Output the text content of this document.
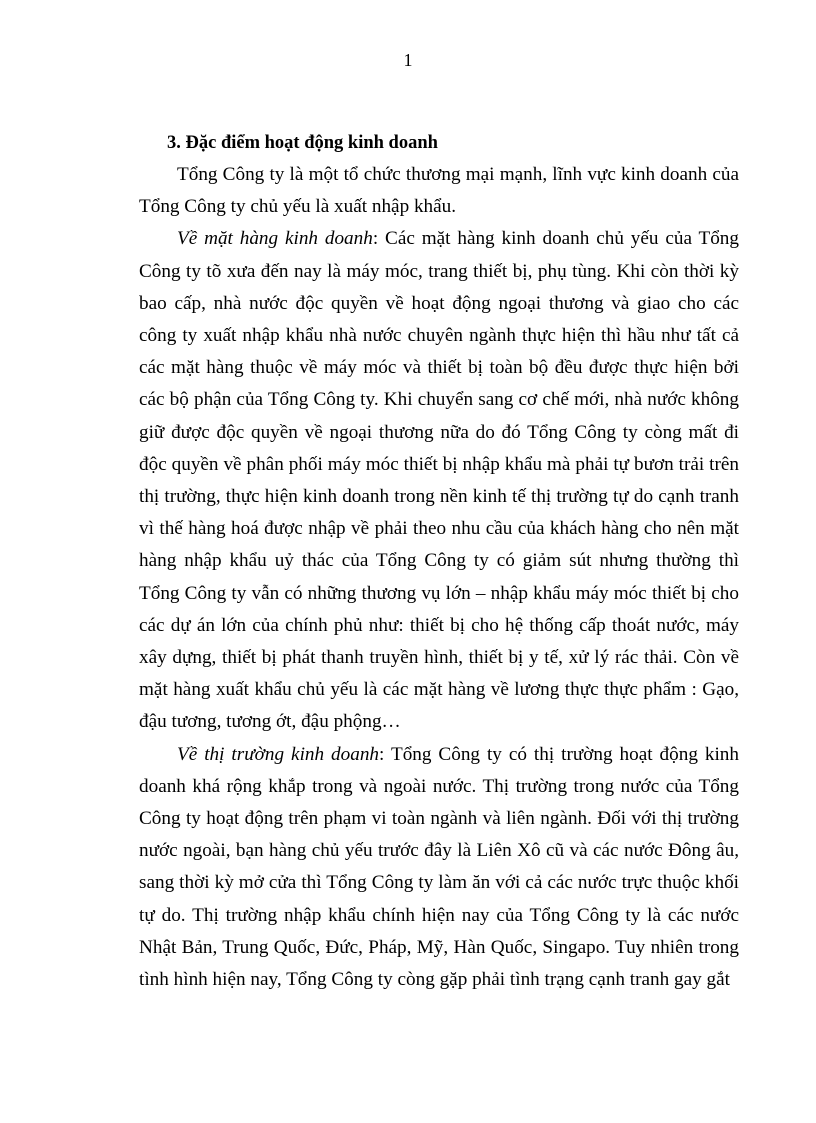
1

3. Đặc điểm hoạt động kinh doanh

Tổng Công ty là một tổ chức thương mại mạnh, lĩnh vực kinh doanh của Tổng Công ty chủ yếu là xuất nhập khẩu.

Về mặt hàng kinh doanh: Các mặt hàng kinh doanh chủ yếu của Tổng Công ty tõ xưa đến nay là máy móc, trang thiết bị, phụ tùng. Khi còn thời kỳ bao cấp, nhà nước độc quyền về hoạt động ngoại thương và giao cho các công ty xuất nhập khẩu nhà nước chuyên ngành thực hiện thì hầu như tất cả các mặt hàng thuộc về máy móc và thiết bị toàn bộ đều được thực hiện bởi các bộ phận của Tổng Công ty. Khi chuyển sang cơ chế mới, nhà nước không giữ được độc quyền về ngoại thương nữa do đó Tổng Công ty còng mất đi độc quyền về phân phối máy móc thiết bị nhập khẩu mà phải tự bươn trải trên thị trường, thực hiện kinh doanh trong nền kinh tế thị trường tự do cạnh tranh vì thế hàng hoá được nhập về phải theo nhu cầu của khách hàng cho nên mặt hàng nhập khẩu uỷ thác của Tổng Công ty có giảm sút nhưng thường thì Tổng Công ty vẫn có những thương vụ lớn – nhập khẩu máy móc thiết bị cho các dự án lớn của chính phủ như: thiết bị cho hệ thống cấp thoát nước, máy xây dựng, thiết bị phát thanh truyền hình, thiết bị y tế, xử lý rác thải. Còn về mặt hàng xuất khẩu chủ yếu là các mặt hàng về lương thực thực phẩm : Gạo, đậu tương, tương ớt, đậu phộng…

Về thị trường kinh doanh: Tổng Công ty có thị trường hoạt động kinh doanh khá rộng khắp trong và ngoài nước. Thị trường trong nước của Tổng Công ty hoạt động trên phạm vi toàn ngành và liên ngành. Đối với thị trường nước ngoài, bạn hàng chủ yếu trước đây là Liên Xô cũ và các nước Đông âu, sang thời kỳ mở cửa thì Tổng Công ty làm ăn với cả các nước trực thuộc khối tự do. Thị trường nhập khẩu chính hiện nay của Tổng Công ty là các nước Nhật Bản, Trung Quốc, Đức, Pháp, Mỹ, Hàn Quốc, Singapo. Tuy nhiên trong tình hình hiện nay, Tổng Công ty còng gặp phải tình trạng cạnh tranh gay gắt
